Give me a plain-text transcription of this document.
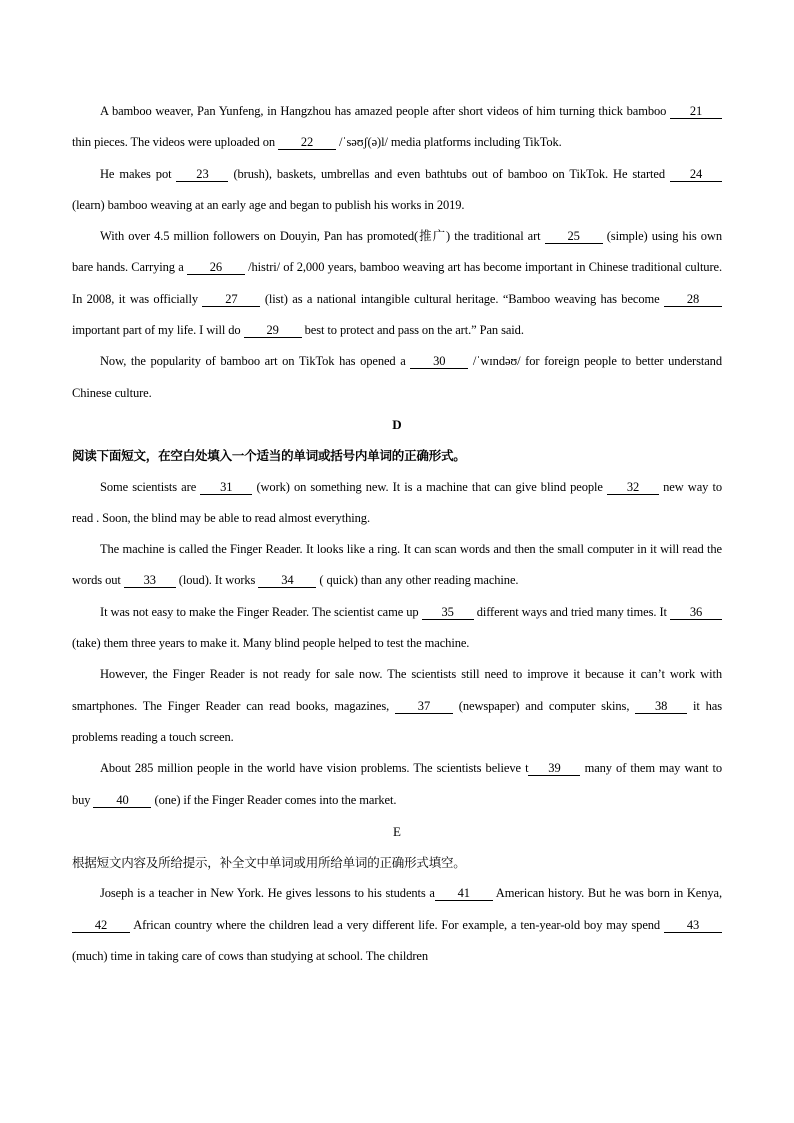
A bamboo weaver, Pan Yunfeng, in Hangzhou has amazed people after short videos of him turning thick bamboo 21 thin pieces. The videos were uploaded on 22 /ˈsəʊʃ(ə)l/ media platforms including TikTok.

He makes pot 23 (brush), baskets, umbrellas and even bathtubs out of bamboo on TikTok. He started 24 (learn) bamboo weaving at an early age and began to publish his works in 2019.

With over 4.5 million followers on Douyin, Pan has promoted(推广) the traditional art 25 (simple) using his own bare hands. Carrying a 26 /histri/ of 2,000 years, bamboo weaving art has become important in Chinese traditional culture. In 2008, it was officially 27 (list) as a national intangible cultural heritage. “Bamboo weaving has become 28 important part of my life. I will do 29 best to protect and pass on the art.” Pan said.

Now, the popularity of bamboo art on TikTok has opened a 30 /ˈwɪndəʊ/ for foreign people to better understand Chinese culture.

D

阅读下面短文，在空白处填入一个适当的单词或括号内单词的正确形式。

Some scientists are 31 (work) on something new. It is a machine that can give blind people 32 new way to read . Soon, the blind may be able to read almost everything.

The machine is called the Finger Reader. It looks like a ring. It can scan words and then the small computer in it will read the words out 33 (loud). It works 34 ( quick) than any other reading machine.

It was not easy to make the Finger Reader. The scientist came up 35 different ways and tried many times. It 36 (take) them three years to make it. Many blind people helped to test the machine.

However, the Finger Reader is not ready for sale now. The scientists still need to improve it because it can’t work with smartphones. The Finger Reader can read books, magazines, 37 (newspaper) and computer skins, 38 it has problems reading a touch screen.

About 285 million people in the world have vision problems. The scientists believe t 39 many of them may want to buy 40 (one) if the Finger Reader comes into the market.

E

根据短文内容及所给提示，补全文中单词或用所给单词的正确形式填空。

Joseph is a teacher in New York. He gives lessons to his students a 41 American history. But he was born in Kenya, 42 African country where the children lead a very different life. For example, a ten-year-old boy may spend 43 (much) time in taking care of cows than studying at school. The children
